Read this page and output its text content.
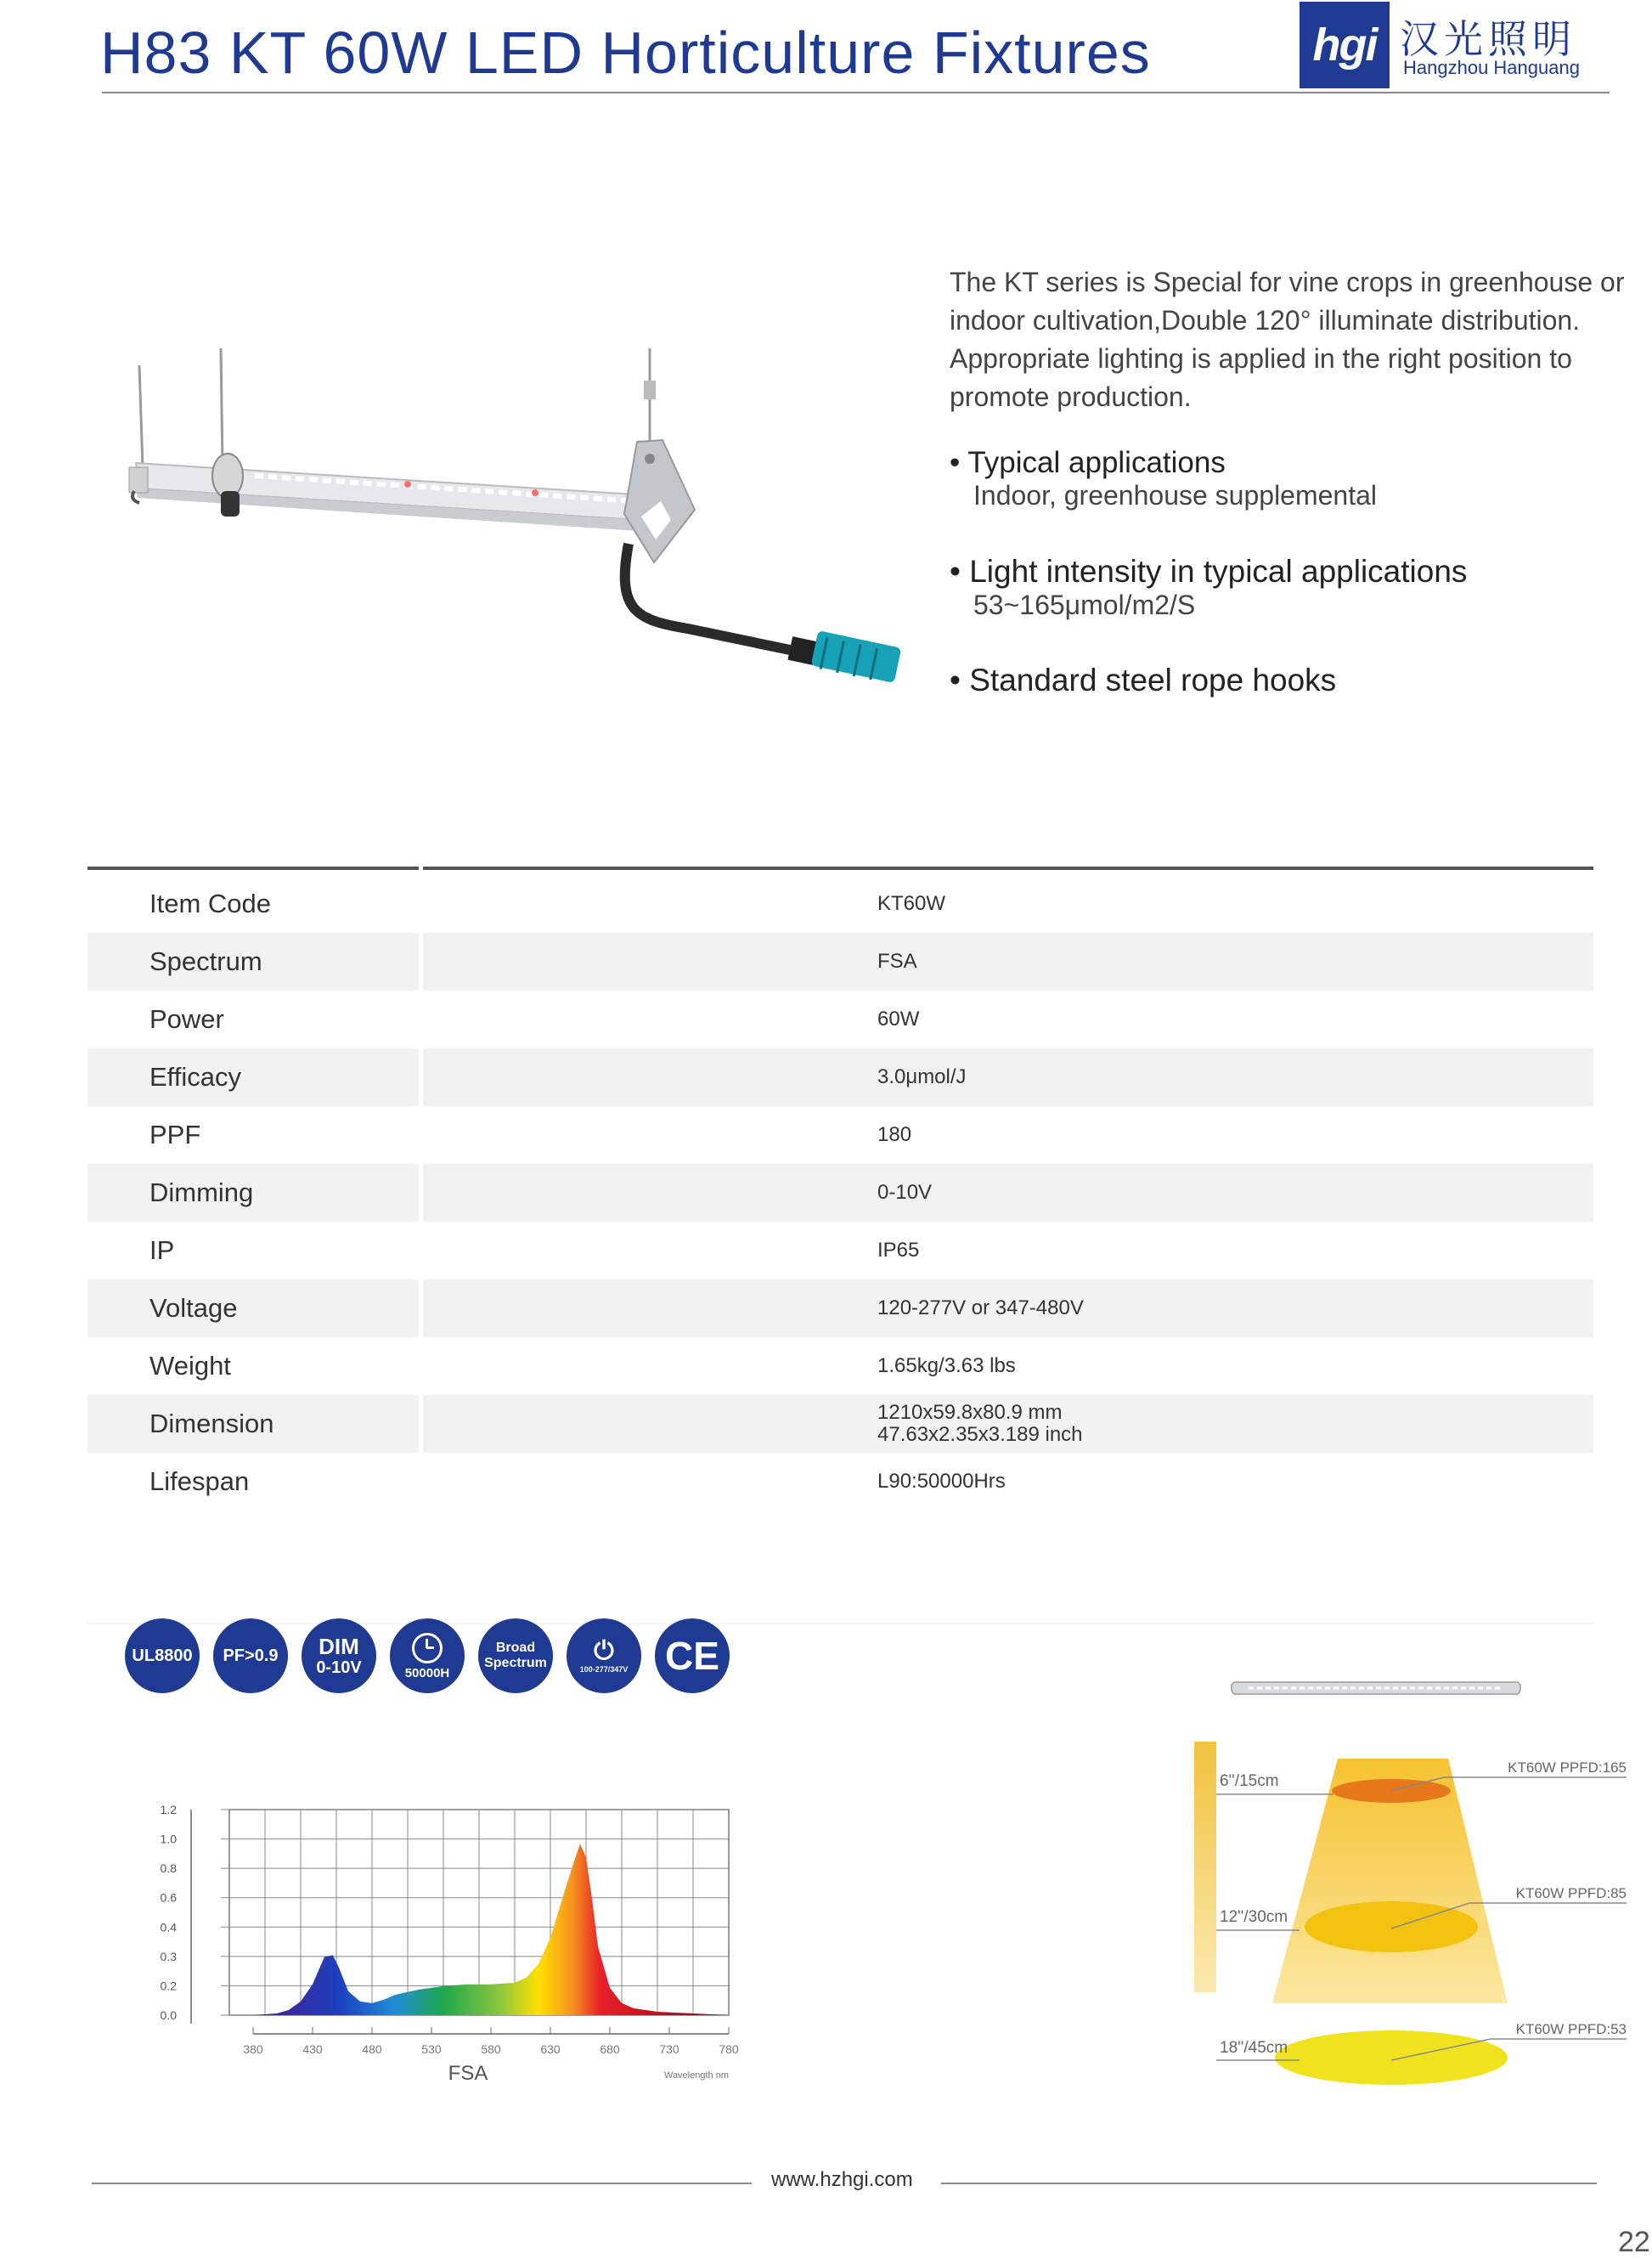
H83 KT 60W LED Horticulture Fixtures	hgi 汉光照明
Hangzhou Hanguang
The KT series is Special for vine crops in greenhouse or indoor cultivation,Double 120° illuminate distribution. Appropriate lighting is applied in the right position to promote production.
• Typical applications
Indoor, greenhouse supplemental
• Light intensity in typical applications
53~165μmol/m2/S
• Standard steel rope hooks
Item Code	KT60W
Spectrum	FSA
Power	60W
Efficacy	3.0μmol/J
PPF	180
Dimming	0-10V
IP	IP65
Voltage	120-277V or 347-480V
Weight	1.65kg/3.63 lbs
Dimension	1210x59.8x80.9 mm
47.63x2.35x3.189 inch
Lifespan	L90:50000Hrs
UL8800 PF>0.9 DIM
0-10V	50000H
Broad
Spectrum ⏻
100-277/347V CE
0.0
0.2
0.3
0.4
0.6
0.8
1.0
1.2
380	430	480	530	580	630	680	730	780
FSA	Wavelength nm
6''/15cm
12''/30cm
18''/45cm
KT60W PPFD:165
KT60W PPFD:85
KT60W PPFD:53
www.hzhgi.com
22
